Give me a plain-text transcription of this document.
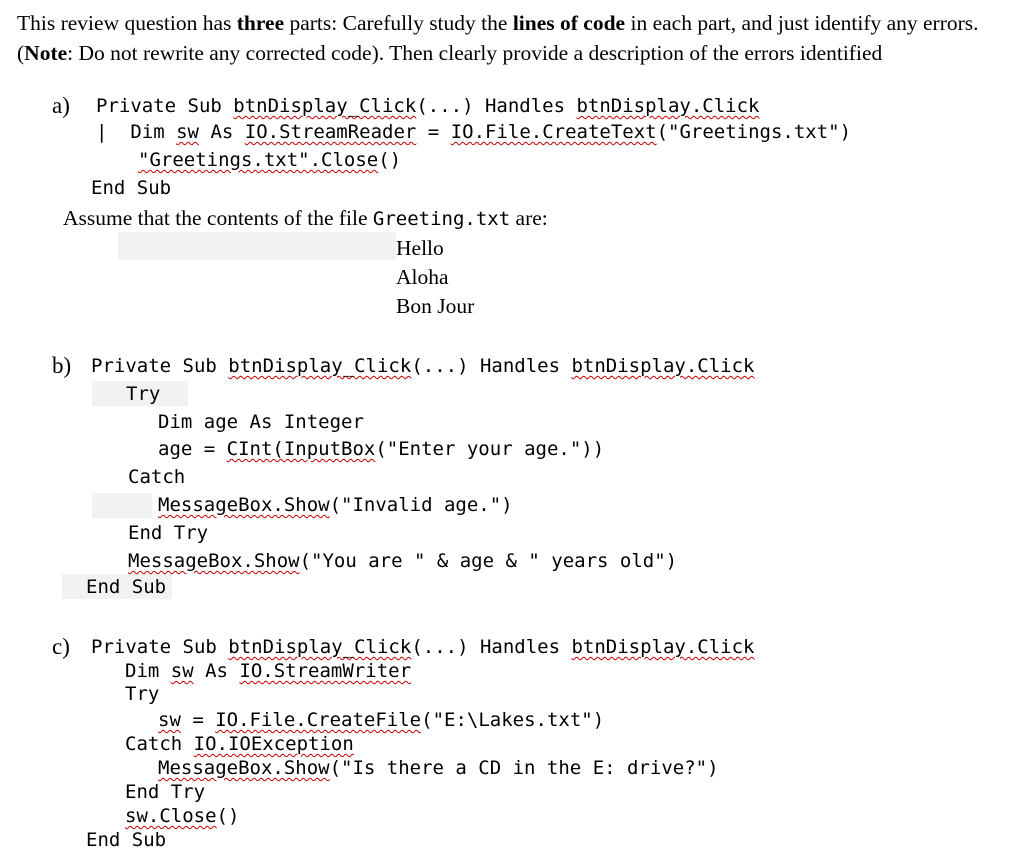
This review question has three parts: Carefully study the lines of code in each part, and just identify any errors. (Note: Do not rewrite any corrected code). Then clearly provide a description of the errors identified

a) Private Sub btnDisplay_Click(...) Handles btnDisplay.Click
| Dim sw As IO.StreamReader = IO.File.CreateText("Greetings.txt")
"Greetings.txt".Close()
End Sub
Assume that the contents of the file Greeting.txt are:
Hello
Aloha
Bon Jour
b) Private Sub btnDisplay_Click(...) Handles btnDisplay.Click
Try
Dim age As Integer
age = CInt(InputBox("Enter your age."))
Catch
MessageBox.Show("Invalid age.")
End Try
MessageBox.Show("You are " & age & " years old")
End Sub
c) Private Sub btnDisplay_Click(...) Handles btnDisplay.Click
Dim sw As IO.StreamWriter
Try
sw = IO.File.CreateFile("E:\Lakes.txt")
Catch IO.IOException
MessageBox.Show("Is there a CD in the E: drive?")
End Try
sw.Close()
End Sub
